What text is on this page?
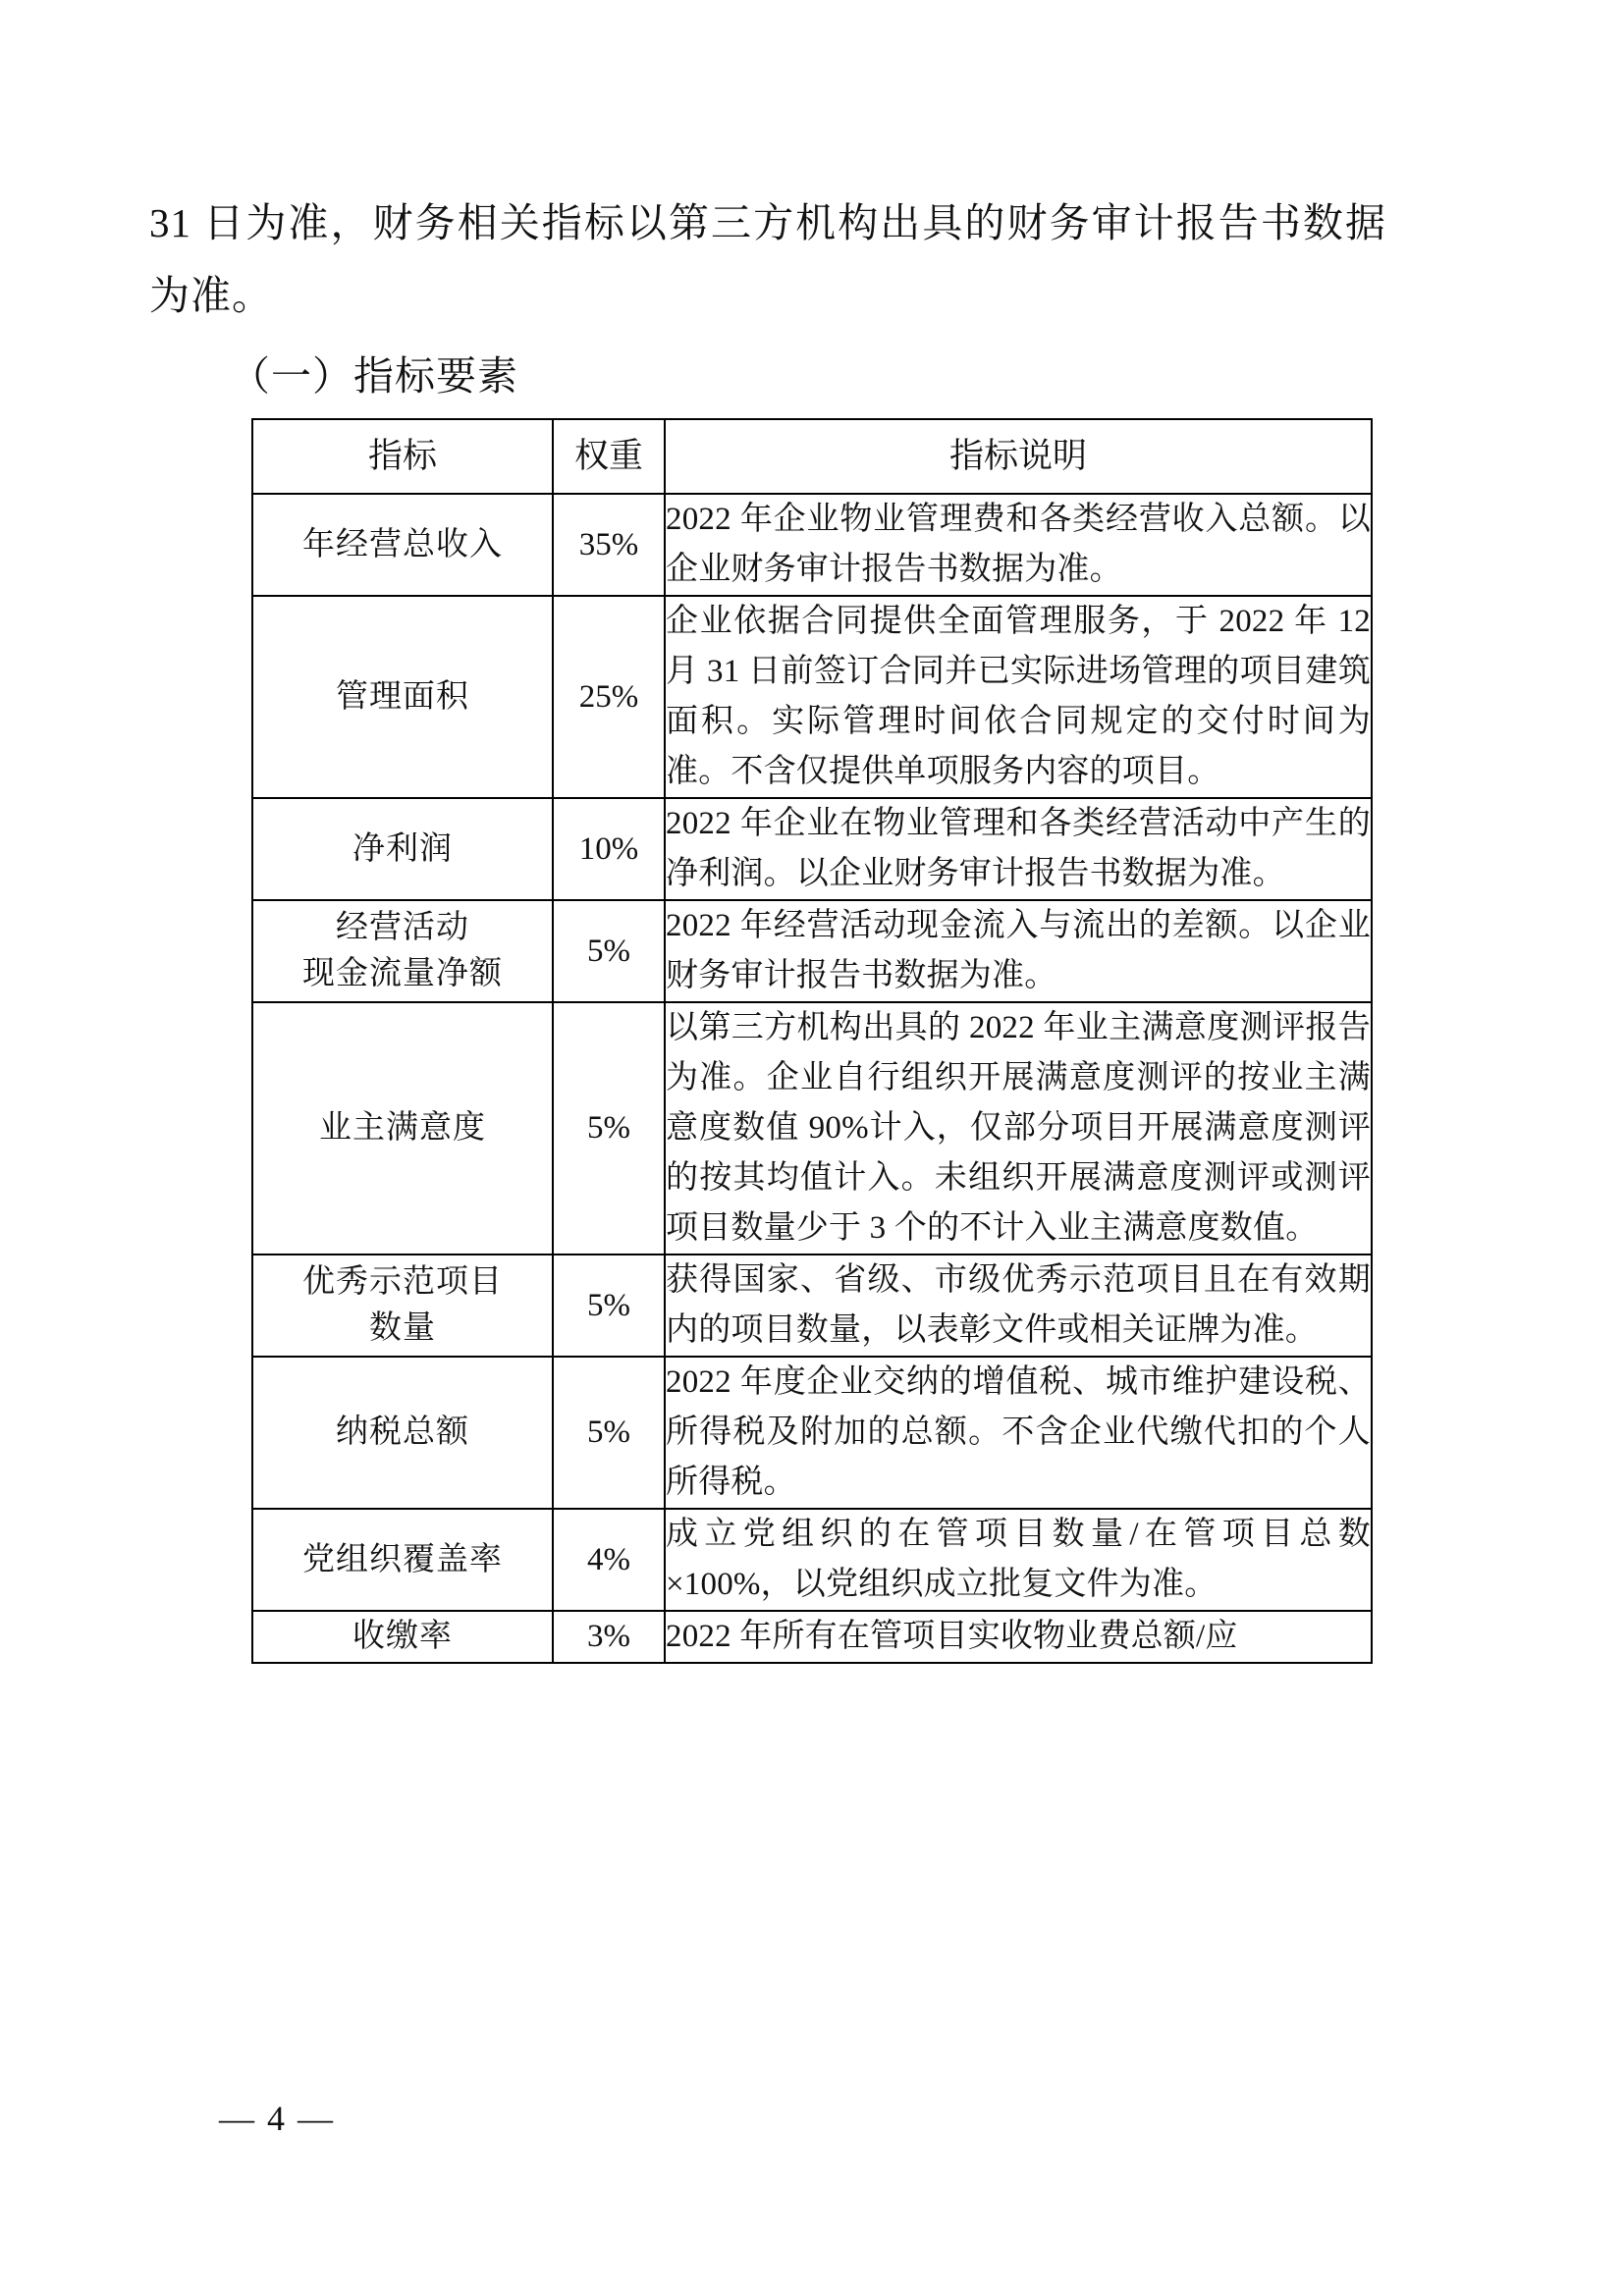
31 日为准，财务相关指标以第三方机构出具的财务审计报告书数据为准。

（一）指标要素
指标	权重	指标说明

年经营总收入	35%	2022 年企业物业管理费和各类经营收入总额。以企业财务审计报告书数据为准。

管理面积	25%	企业依据合同提供全面管理服务，于 2022 年 12 月 31 日前签订合同并已实际进场管理的项目建筑面积。实际管理时间依合同规定的交付时间为准。不含仅提供单项服务内容的项目。

净利润	10%	2022 年企业在物业管理和各类经营活动中产生的净利润。以企业财务审计报告书数据为准。

经营活动
现金流量净额	5%	2022 年经营活动现金流入与流出的差额。以企业财务审计报告书数据为准。

业主满意度	5%	以第三方机构出具的 2022 年业主满意度测评报告为准。企业自行组织开展满意度测评的按业主满意度数值 90%计入，仅部分项目开展满意度测评的按其均值计入。未组织开展满意度测评或测评项目数量少于 3 个的不计入业主满意度数值。

优秀示范项目
数量	5%	获得国家、省级、市级优秀示范项目且在有效期内的项目数量，以表彰文件或相关证牌为准。

纳税总额	5%	2022 年度企业交纳的增值税、城市维护建设税、所得税及附加的总额。不含企业代缴代扣的个人所得税。

党组织覆盖率	4%	成立党组织的在管项目数量/在管项目总数×100%，以党组织成立批复文件为准。

收缴率	3%	2022 年所有在管项目实收物业费总额/应
— 4 —
